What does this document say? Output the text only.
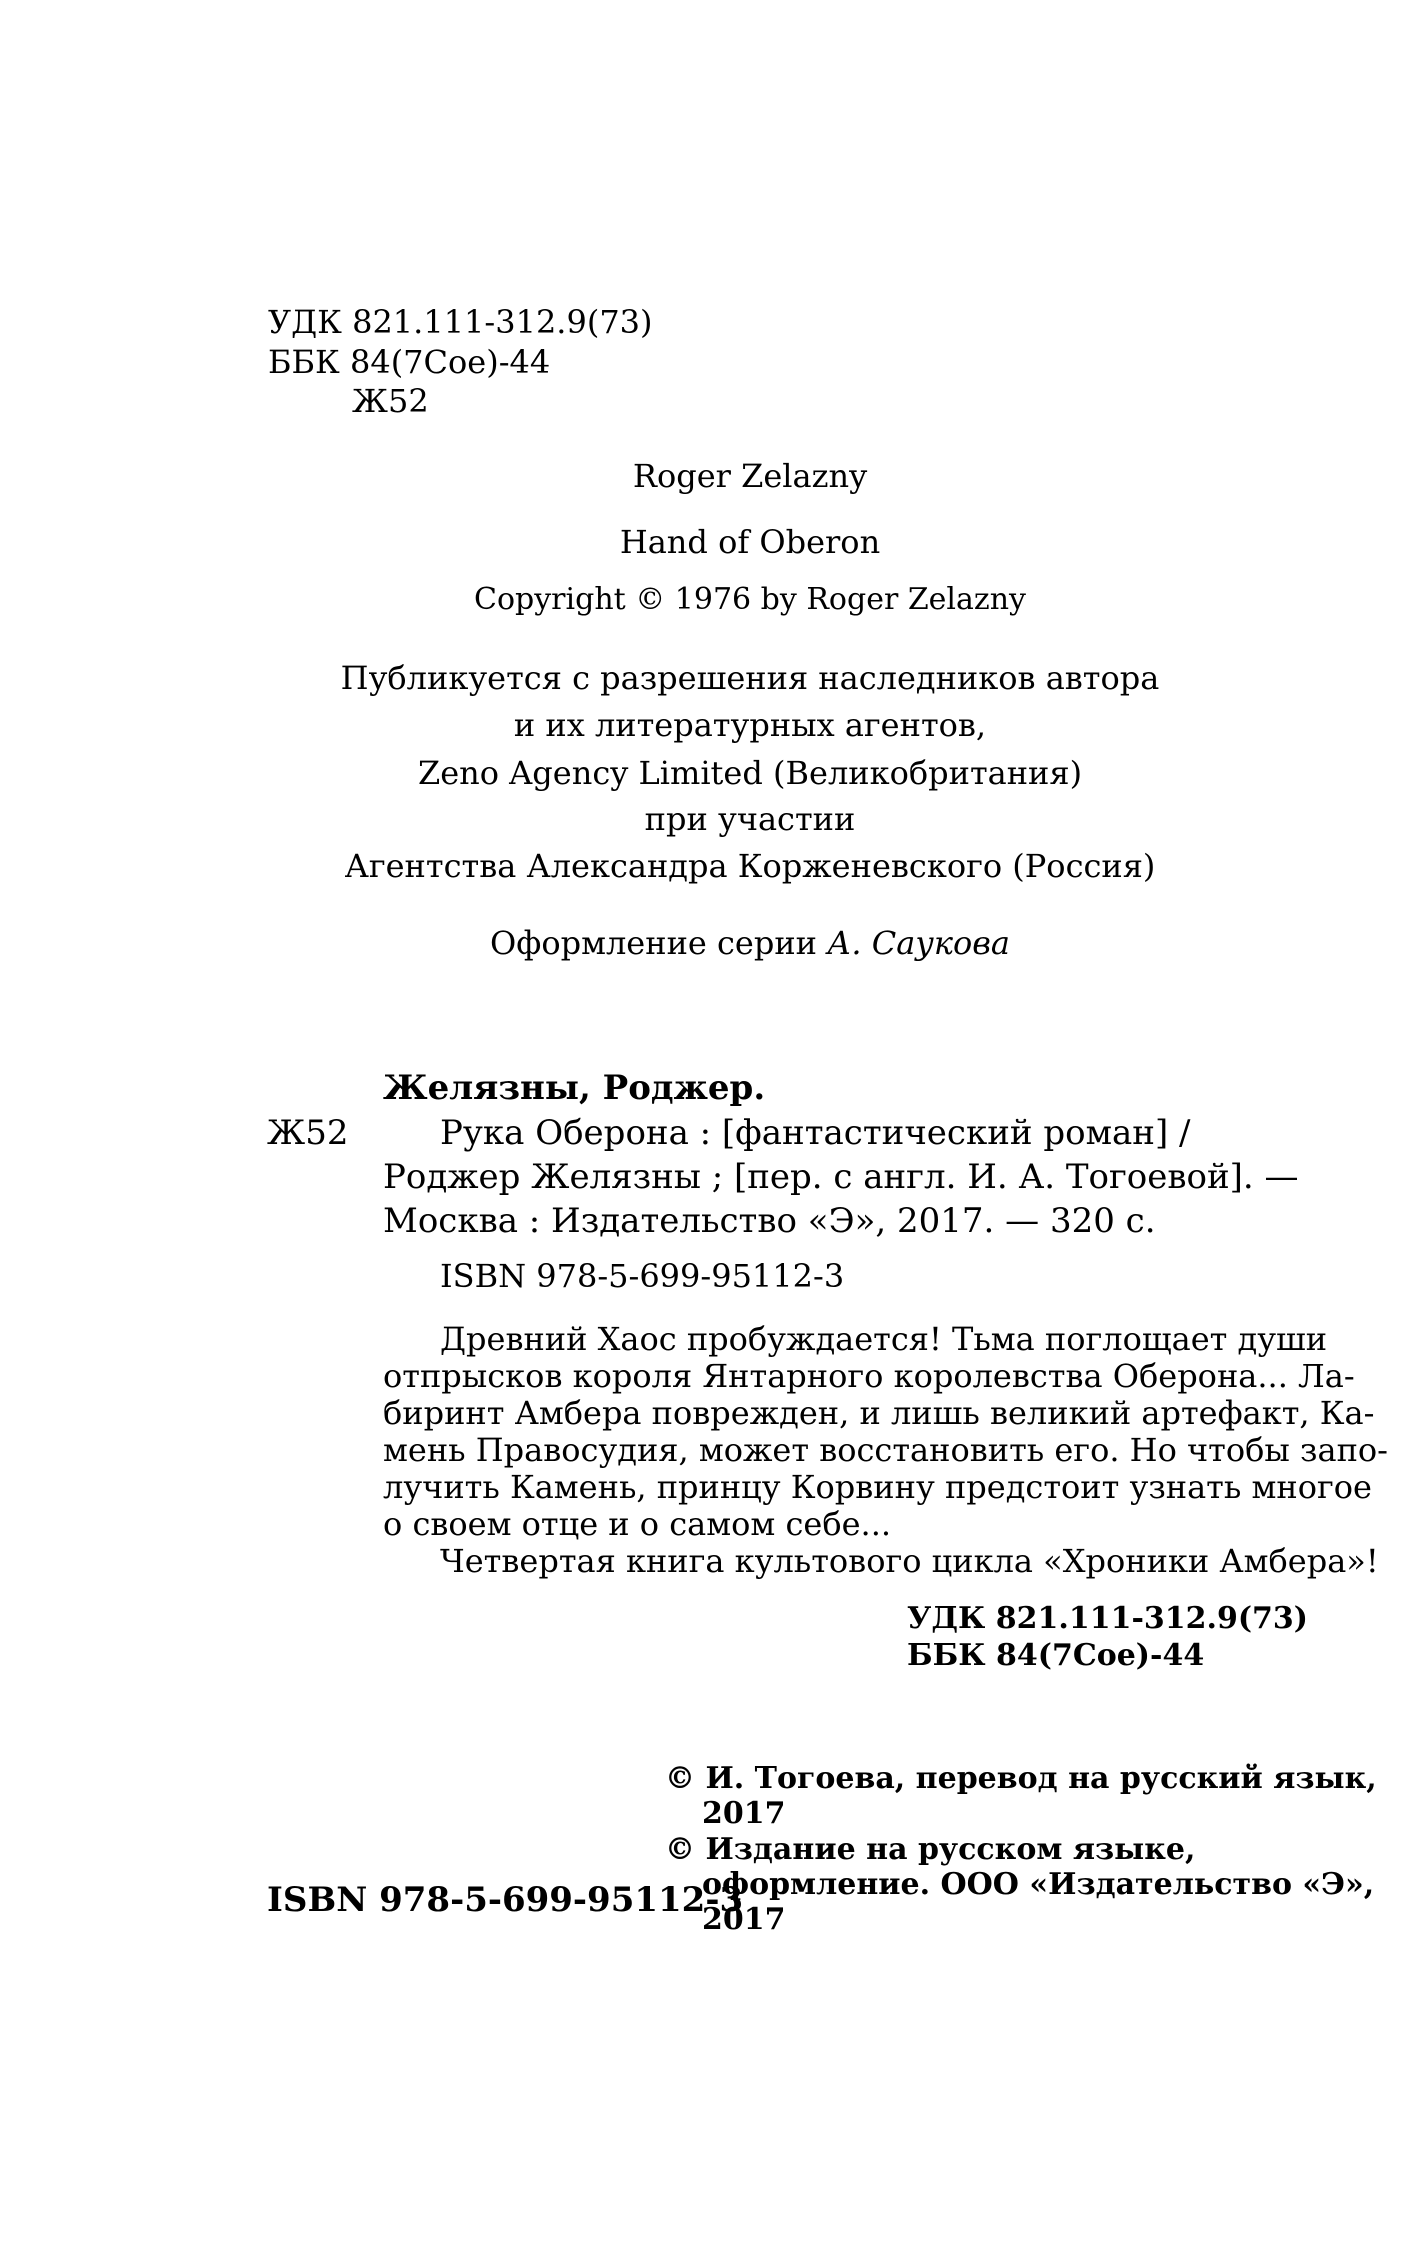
УДК 821.111-312.9(73)
ББК 84(7Сое)-44
Ж52
Roger Zelazny
Hand of Oberon
Copyright © 1976 by Roger Zelazny
Публикуется с разрешения наследников автора
и их литературных агентов,
Zeno Agency Limited (Великобритания)
при участии
Агентства Александра Корженевского (Россия)
Оформление серии А. Саукова
Желязны, Роджер.
Ж52	Рука Оберона : [фантастический роман] /
Роджер Желязны ; [пер. с англ. И. А. Тогоевой]. —
Москва : Издательство «Э», 2017. — 320 с.
ISBN 978-5-699-95112-3
Древний Хаос пробуждается! Тьма поглощает души
отпрысков короля Янтарного королевства Оберона... Ла-
биринт Амбера поврежден, и лишь великий артефакт, Ка-
мень Правосудия, может восстановить его. Но чтобы запо-
лучить Камень, принцу Корвину предстоит узнать многое
о своем отце и о самом себе...
Четвертая книга культового цикла «Хроники Амбера»!
УДК 821.111-312.9(73)
ББК 84(7Сое)-44
© И. Тогоева, перевод на русский язык,
2017
© Издание на русском языке,
оформление. ООО «Издательство «Э»,
2017
ISBN 978-5-699-95112-3
